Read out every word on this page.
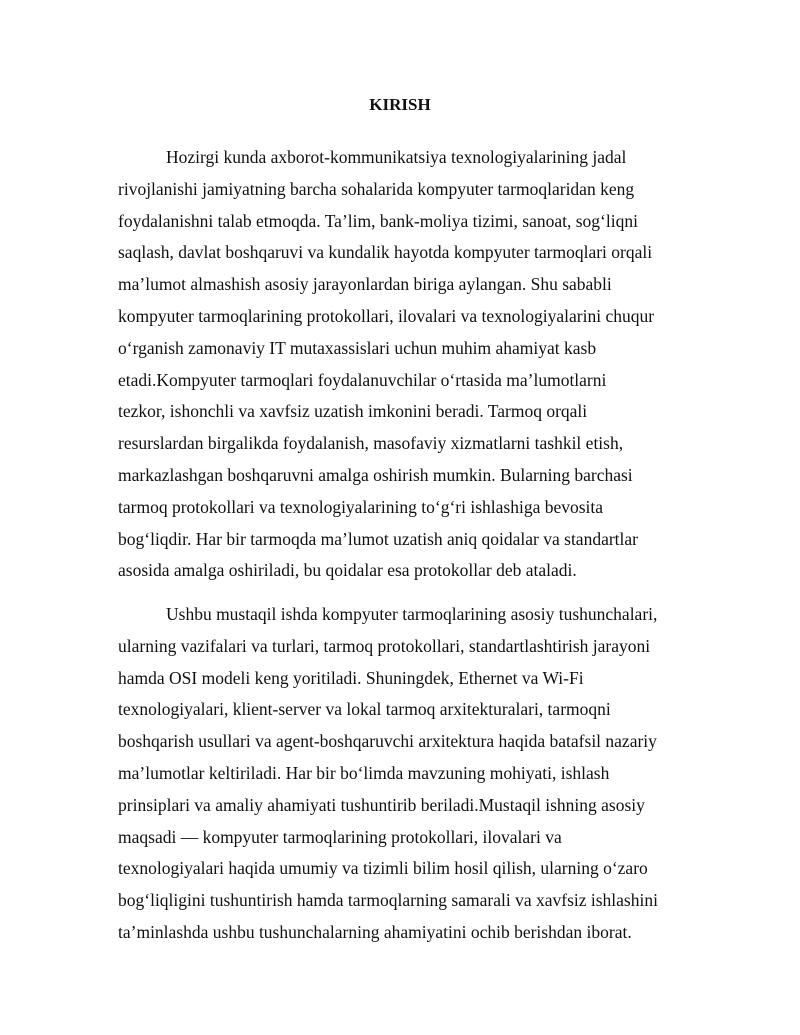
KIRISH

Hozirgi kunda axborot-kommunikatsiya texnologiyalarining jadal
rivojlanishi jamiyatning barcha sohalarida kompyuter tarmoqlaridan keng
foydalanishni talab etmoqda. Ta’lim, bank-moliya tizimi, sanoat, sog‘liqni
saqlash, davlat boshqaruvi va kundalik hayotda kompyuter tarmoqlari orqali
ma’lumot almashish asosiy jarayonlardan biriga aylangan. Shu sababli
kompyuter tarmoqlarining protokollari, ilovalari va texnologiyalarini chuqur
o‘rganish zamonaviy IT mutaxassislari uchun muhim ahamiyat kasb
etadi.Kompyuter tarmoqlari foydalanuvchilar o‘rtasida ma’lumotlarni
tezkor, ishonchli va xavfsiz uzatish imkonini beradi. Tarmoq orqali
resurslardan birgalikda foydalanish, masofaviy xizmatlarni tashkil etish,
markazlashgan boshqaruvni amalga oshirish mumkin. Bularning barchasi
tarmoq protokollari va texnologiyalarining to‘g‘ri ishlashiga bevosita
bog‘liqdir. Har bir tarmoqda ma’lumot uzatish aniq qoidalar va standartlar
asosida amalga oshiriladi, bu qoidalar esa protokollar deb ataladi.

Ushbu mustaqil ishda kompyuter tarmoqlarining asosiy tushunchalari,
ularning vazifalari va turlari, tarmoq protokollari, standartlashtirish jarayoni
hamda OSI modeli keng yoritiladi. Shuningdek, Ethernet va Wi-Fi
texnologiyalari, klient-server va lokal tarmoq arxitekturalari, tarmoqni
boshqarish usullari va agent-boshqaruvchi arxitektura haqida batafsil nazariy
ma’lumotlar keltiriladi. Har bir bo‘limda mavzuning mohiyati, ishlash
prinsiplari va amaliy ahamiyati tushuntirib beriladi.Mustaqil ishning asosiy
maqsadi — kompyuter tarmoqlarining protokollari, ilovalari va
texnologiyalari haqida umumiy va tizimli bilim hosil qilish, ularning o‘zaro
bog‘liqligini tushuntirish hamda tarmoqlarning samarali va xavfsiz ishlashini
ta’minlashda ushbu tushunchalarning ahamiyatini ochib berishdan iborat.
